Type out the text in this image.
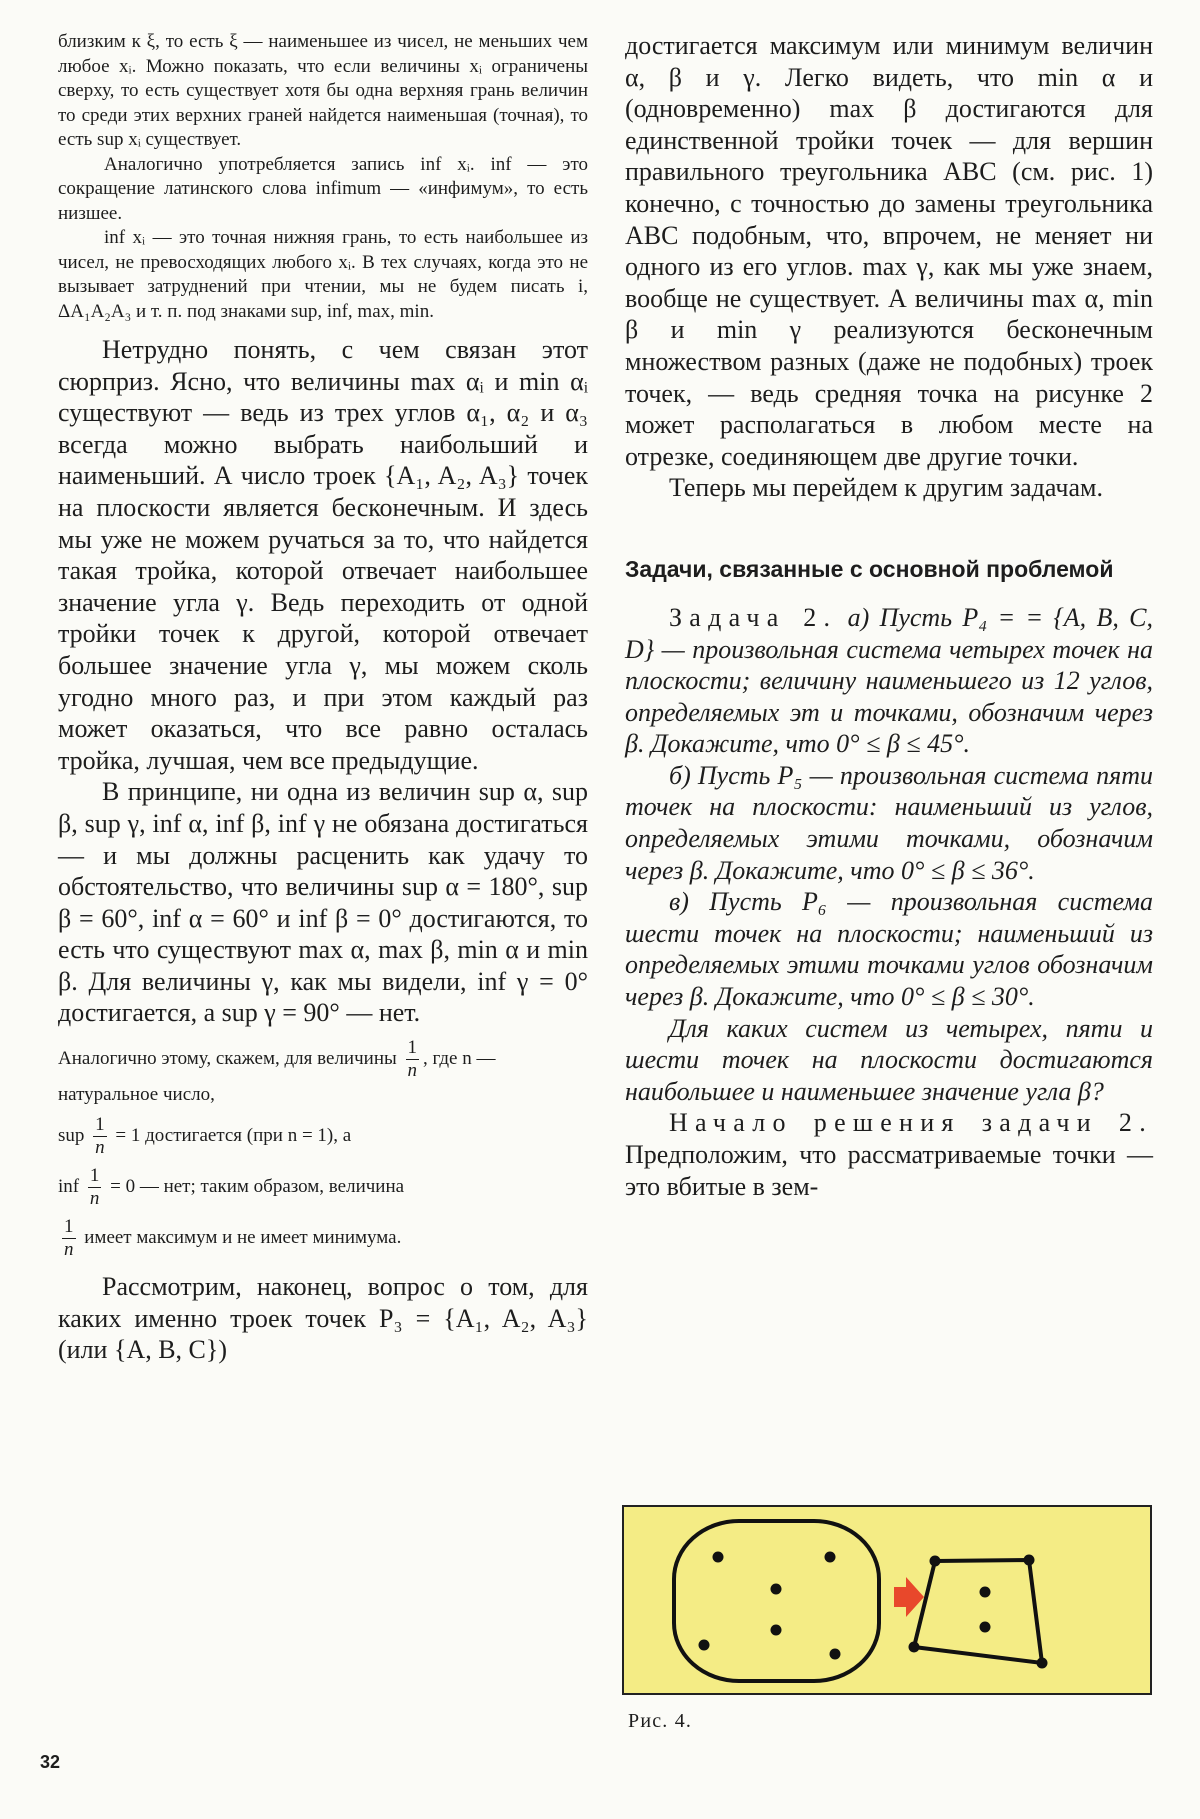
близким к ξ, то есть ξ — наименьшее из чисел, не меньших чем любое xᵢ. Можно показать, что если величины xᵢ ограничены сверху, то есть существует хотя бы одна верхняя грань величин то среди этих верхних граней найдется наименьшая (точная), то есть sup xᵢ существует.

Аналогично употребляется запись inf xᵢ. inf — это сокращение латинского слова infimum — «инфимум», то есть низшее.

inf xᵢ — это точная нижняя грань, то есть наибольшее из чисел, не превосходящих любого xᵢ. В тех случаях, когда это не вызывает затруднений при чтении, мы не будем писать i, ΔA₁A₂A₃ и т. п. под знаками sup, inf, max, min.

Нетрудно понять, с чем связан этот сюрприз. Ясно, что величины max αᵢ и min αᵢ существуют — ведь из трех углов α₁, α₂ и α₃ всегда можно выбрать наибольший и наименьший. А число троек {A₁, A₂, A₃} точек на плоскости является бесконечным. И здесь мы уже не можем ручаться за то, что найдется такая тройка, которой отвечает наибольшее значение угла γ. Ведь переходить от одной тройки точек к другой, которой отвечает большее значение угла γ, мы можем сколь угодно много раз, и при этом каждый раз может оказаться, что все равно осталась тройка, лучшая, чем все предыдущие.

В принципе, ни одна из величин sup α, sup β, sup γ, inf α, inf β, inf γ не обязана достигаться — и мы должны расценить как удачу то обстоятельство, что величины sup α = 180°, sup β = 60°, inf α = 60° и inf β = 0° достигаются, то есть что существуют max α, max β, min α и min β. Для величины γ, как мы видели, inf γ = 0° достигается, а sup γ = 90° — нет.

Аналогично этому, скажем, для величины $\frac{1}{n}$ , где n — натуральное число,

sup $\frac{1}{n} = 1$ достигается (при n = 1), а

inf $\frac{1}{n} = 0$ — нет; таким образом, величина

$\frac{1}{n}$ имеет максимум и не имеет минимума.

Рассмотрим, наконец, вопрос о том, для каких именно троек точек P₃ = {A₁, A₂, A₃} (или {A, B, C})

достигается максимум или минимум величин α, β и γ. Легко видеть, что min α и (одновременно) max β достигаются для единственной тройки точек — для вершин правильного треугольника ABC (см. рис. 1) конечно, с точностью до замены треугольника ABC подобным, что, впрочем, не меняет ни одного из его углов. max γ, как мы уже знаем, вообще не существует. А величины max α, min β и min γ реализуются бесконечным множеством разных (даже не подобных) троек точек, — ведь средняя точка на рисунке 2 может располагаться в любом месте на отрезке, соединяющем две другие точки.

Теперь мы перейдем к другим задачам.

Задачи, связанные с основной проблемой

Задача 2. а) Пусть P₄ = = {A, B, C, D} — произвольная система четырех точек на плоскости; величину наименьшего из 12 углов, определяемых эт и точками, обозначим через β. Докажите, что 0° ≤ β ≤ 45°.

б) Пусть P₅ — произвольная система пяти точек на плоскости: наименьший из углов, определяемых этими точками, обозначим через β. Докажите, что 0° ≤ β ≤ 36°.

в) Пусть P₆ — произвольная система шести точек на плоскости; наименьший из определяемых этими точками углов обозначим через β. Докажите, что 0° ≤ β ≤ 30°.

Для каких систем из четырех, пяти и шести точек на плоскости достигаются наибольшее и наименьшее значение угла β?

Начало решения задачи 2. Предположим, что рассматриваемые точки — это вбитые в зем-

Рис. 4.
32
